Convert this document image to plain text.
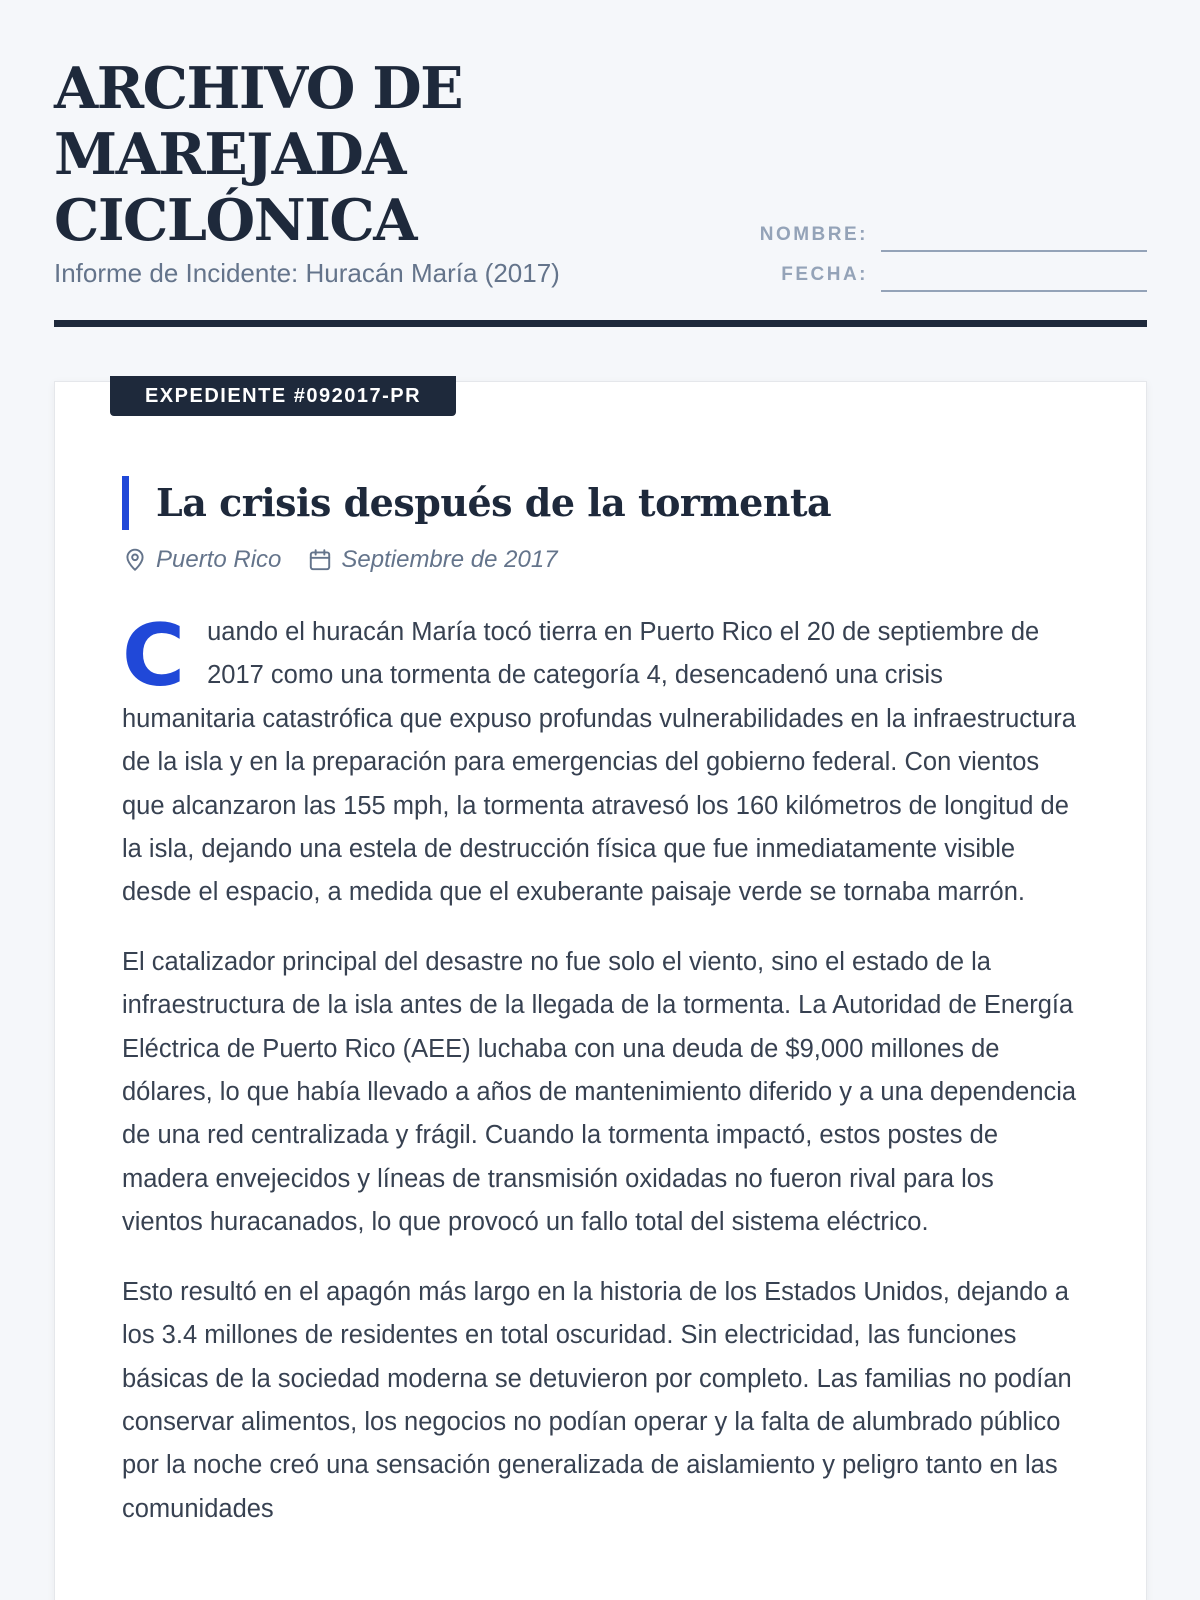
ARCHIVO DE MAREJADA CICLÓNICA
Informe de Incidente: Huracán María (2017)
NOMBRE:
FECHA:
EXPEDIENTE #092017-PR
La crisis después de la tormenta
Puerto Rico	Septiembre de 2017

Cuando el huracán María tocó tierra en Puerto Rico el 20 de septiembre de 2017 como una tormenta de categoría 4, desencadenó una crisis humanitaria catastrófica que expuso profundas vulnerabilidades en la infraestructura de la isla y en la preparación para emergencias del gobierno federal. Con vientos que alcanzaron las 155 mph, la tormenta atravesó los 160 kilómetros de longitud de la isla, dejando una estela de destrucción física que fue inmediatamente visible desde el espacio, a medida que el exuberante paisaje verde se tornaba marrón.

El catalizador principal del desastre no fue solo el viento, sino el estado de la infraestructura de la isla antes de la llegada de la tormenta. La Autoridad de Energía Eléctrica de Puerto Rico (AEE) luchaba con una deuda de $9,000 millones de dólares, lo que había llevado a años de mantenimiento diferido y a una dependencia de una red centralizada y frágil. Cuando la tormenta impactó, estos postes de madera envejecidos y líneas de transmisión oxidadas no fueron rival para los vientos huracanados, lo que provocó un fallo total del sistema eléctrico.

Esto resultó en el apagón más largo en la historia de los Estados Unidos, dejando a los 3.4 millones de residentes en total oscuridad. Sin electricidad, las funciones básicas de la sociedad moderna se detuvieron por completo. Las familias no podían conservar alimentos, los negocios no podían operar y la falta de alumbrado público por la noche creó una sensación generalizada de aislamiento y peligro tanto en las comunidades
